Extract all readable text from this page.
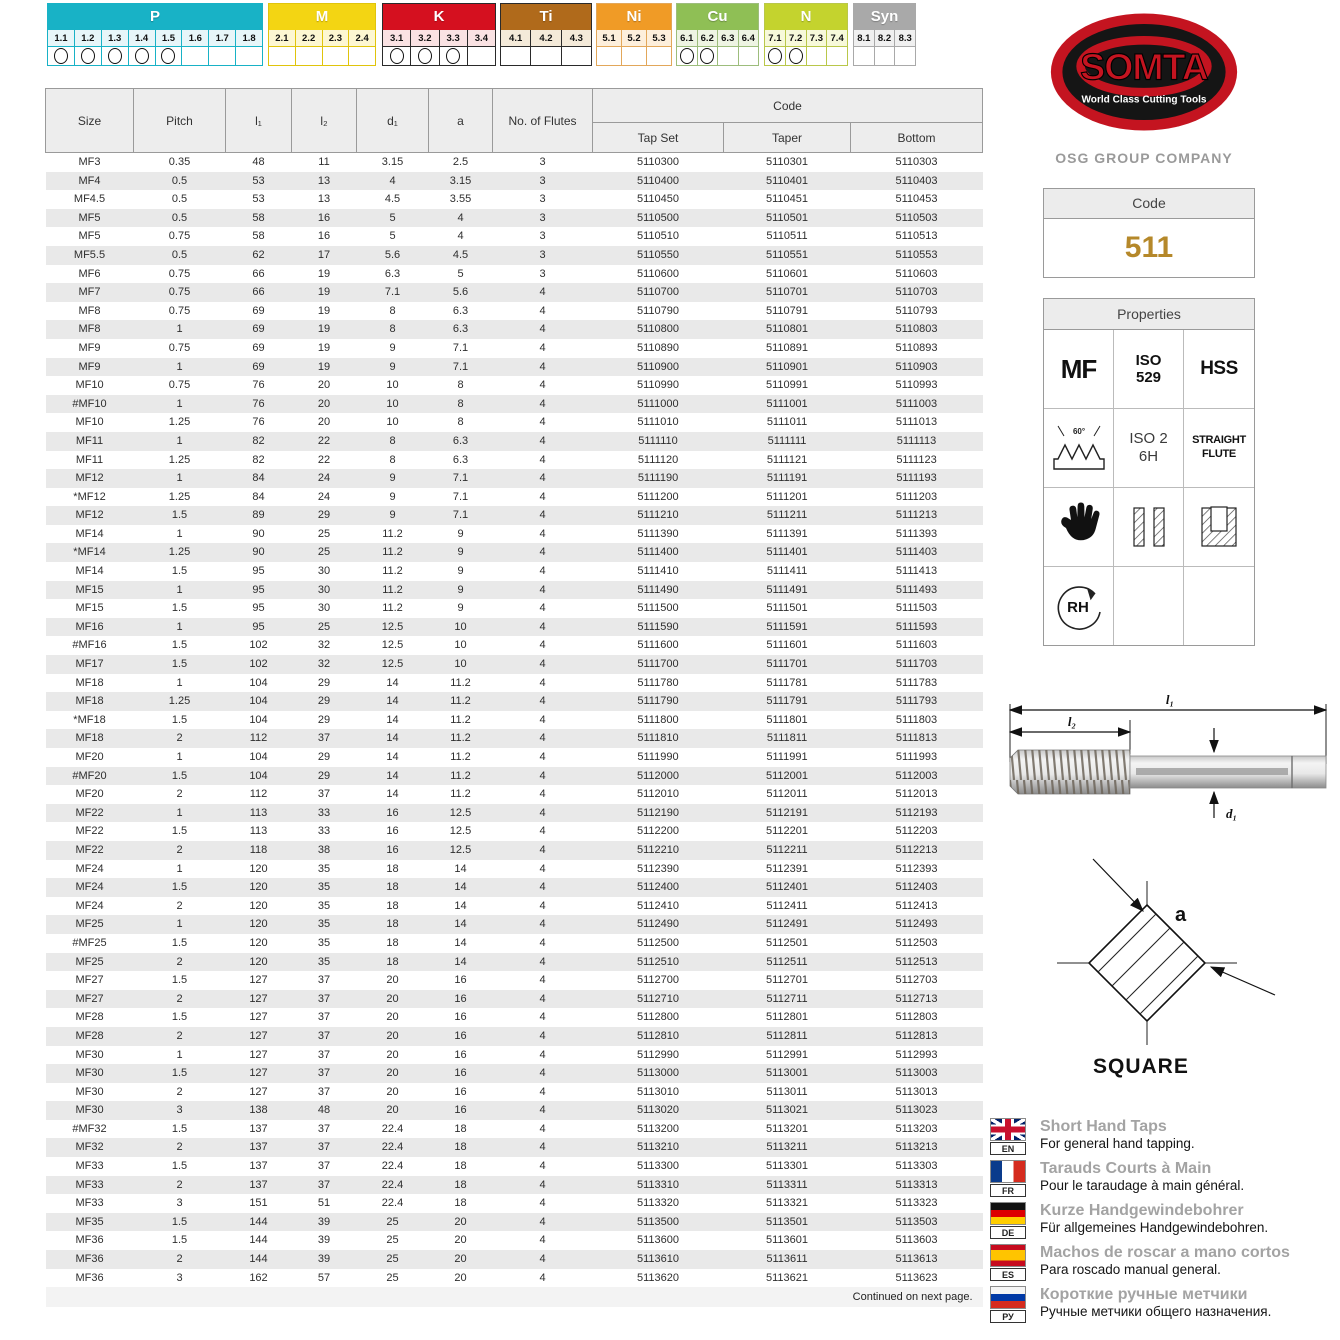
P
1.1	1.2	1.3	1.4	1.5	1.6	1.7	1.8
M
2.1	2.2	2.3	2.4
K
3.1	3.2	3.3	3.4
Ti
4.1	4.2	4.3
Ni
5.1	5.2	5.3
Cu
6.1 6.2 6.3 6.4
N
7.1 7.2 7.3 7.4
Syn
8.1 8.2 8.3
Size	Pitch	l₁	l₂	d₁	a	No. of Flutes	Code		
							Tap Set	Taper	Bottom
MF3	0.35	48	11	3.15	2.5	3	5110300	5110301	5110303
MF4	0.5	53	13	4	3.15	3	5110400	5110401	5110403
MF4.5	0.5	53	13	4.5	3.55	3	5110450	5110451	5110453
MF5	0.5	58	16	5	4	3	5110500	5110501	5110503
MF5	0.75	58	16	5	4	3	5110510	5110511	5110513
MF5.5	0.5	62	17	5.6	4.5	3	5110550	5110551	5110553
MF6	0.75	66	19	6.3	5	3	5110600	5110601	5110603
MF7	0.75	66	19	7.1	5.6	4	5110700	5110701	5110703
MF8	0.75	69	19	8	6.3	4	5110790	5110791	5110793
MF8	1	69	19	8	6.3	4	5110800	5110801	5110803
MF9	0.75	69	19	9	7.1	4	5110890	5110891	5110893
MF9	1	69	19	9	7.1	4	5110900	5110901	5110903
MF10	0.75	76	20	10	8	4	5110990	5110991	5110993
#MF10	1	76	20	10	8	4	5111000	5111001	5111003
MF10	1.25	76	20	10	8	4	5111010	5111011	5111013
MF11	1	82	22	8	6.3	4	5111110	5111111	5111113
MF11	1.25	82	22	8	6.3	4	5111120	5111121	5111123
MF12	1	84	24	9	7.1	4	5111190	5111191	5111193
*MF12	1.25	84	24	9	7.1	4	5111200	5111201	5111203
MF12	1.5	89	29	9	7.1	4	5111210	5111211	5111213
MF14	1	90	25	11.2	9	4	5111390	5111391	5111393
*MF14	1.25	90	25	11.2	9	4	5111400	5111401	5111403
MF14	1.5	95	30	11.2	9	4	5111410	5111411	5111413
MF15	1	95	30	11.2	9	4	5111490	5111491	5111493
MF15	1.5	95	30	11.2	9	4	5111500	5111501	5111503
MF16	1	95	25	12.5	10	4	5111590	5111591	5111593
#MF16	1.5	102	32	12.5	10	4	5111600	5111601	5111603
MF17	1.5	102	32	12.5	10	4	5111700	5111701	5111703
MF18	1	104	29	14	11.2	4	5111780	5111781	5111783
MF18	1.25	104	29	14	11.2	4	5111790	5111791	5111793
*MF18	1.5	104	29	14	11.2	4	5111800	5111801	5111803
MF18	2	112	37	14	11.2	4	5111810	5111811	5111813
MF20	1	104	29	14	11.2	4	5111990	5111991	5111993
#MF20	1.5	104	29	14	11.2	4	5112000	5112001	5112003
MF20	2	112	37	14	11.2	4	5112010	5112011	5112013
MF22	1	113	33	16	12.5	4	5112190	5112191	5112193
MF22	1.5	113	33	16	12.5	4	5112200	5112201	5112203
MF22	2	118	38	16	12.5	4	5112210	5112211	5112213
MF24	1	120	35	18	14	4	5112390	5112391	5112393
MF24	1.5	120	35	18	14	4	5112400	5112401	5112403
MF24	2	120	35	18	14	4	5112410	5112411	5112413
MF25	1	120	35	18	14	4	5112490	5112491	5112493
#MF25	1.5	120	35	18	14	4	5112500	5112501	5112503
MF25	2	120	35	18	14	4	5112510	5112511	5112513
MF27	1.5	127	37	20	16	4	5112700	5112701	5112703
MF27	2	127	37	20	16	4	5112710	5112711	5112713
MF28	1.5	127	37	20	16	4	5112800	5112801	5112803
MF28	2	127	37	20	16	4	5112810	5112811	5112813
MF30	1	127	37	20	16	4	5112990	5112991	5112993
MF30	1.5	127	37	20	16	4	5113000	5113001	5113003
MF30	2	127	37	20	16	4	5113010	5113011	5113013
MF30	3	138	48	20	16	4	5113020	5113021	5113023
#MF32	1.5	137	37	22.4	18	4	5113200	5113201	5113203
MF32	2	137	37	22.4	18	4	5113210	5113211	5113213
MF33	1.5	137	37	22.4	18	4	5113300	5113301	5113303
MF33	2	137	37	22.4	18	4	5113310	5113311	5113313
MF33	3	151	51	22.4	18	4	5113320	5113321	5113323
MF35	1.5	144	39	25	20	4	5113500	5113501	5113503
MF36	1.5	144	39	25	20	4	5113600	5113601	5113603
MF36	2	144	39	25	20	4	5113610	5113611	5113613
MF36	3	162	57	25	20	4	5113620	5113621	5113623
Continued on next page.									
SOMTA
World Class Cutting Tools
OSG GROUP COMPANY
Code
511
Properties
MF	ISO
529 HSS
60°	ISO 2
6H
STRAIGHT
FLUTE
RH
l₁
l₂
d₁
a
SQUARE
EN
Short Hand Taps
For general hand tapping.
FR
Tarauds Courts à Main
Pour le taraudage à main général.
DE
Kurze Handgewindebohrer
Für allgemeines Handgewindebohren.
ES
Machos de roscar a mano cortos
Para roscado manual general.
РУ
Короткие ручные метчики
Ручные метчики общего назначения.
